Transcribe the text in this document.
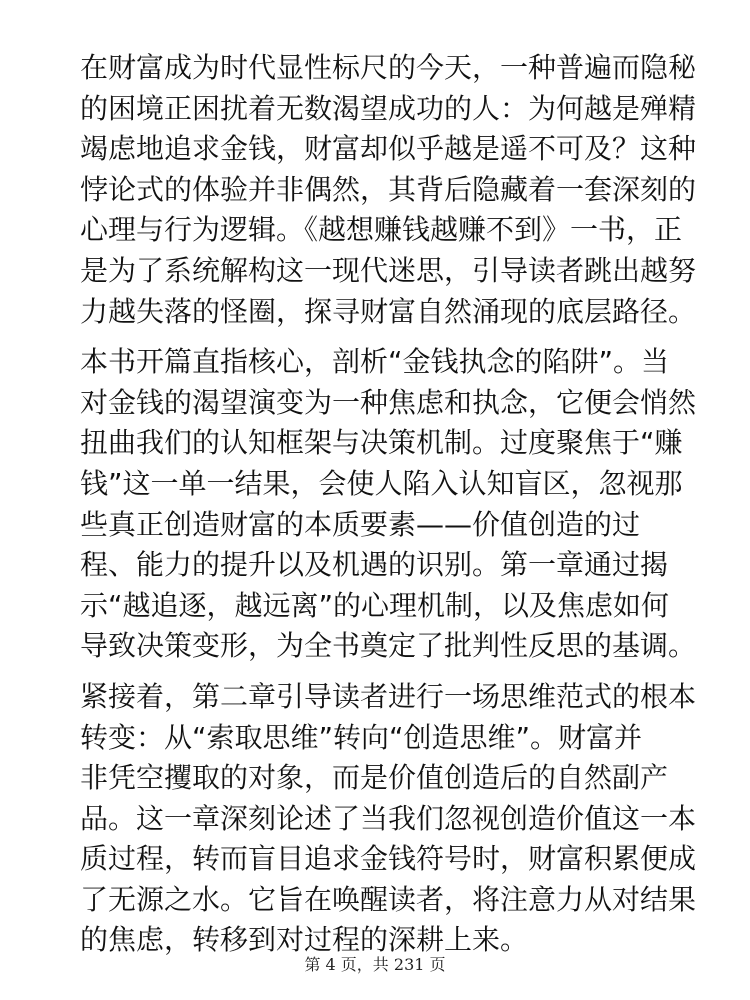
在财富成为时代显性标尺的今天，一种普遍而隐秘
的困境正困扰着无数渴望成功的人：为何越是殚精
竭虑地追求金钱，财富却似乎越是遥不可及？这种
悖论式的体验并非偶然，其背后隐藏着一套深刻的
心理与行为逻辑。《越想赚钱越赚不到》一书，正
是为了系统解构这一现代迷思，引导读者跳出越努
力越失落的怪圈，探寻财富自然涌现的底层路径。

本书开篇直指核心，剖析“金钱执念的陷阱”。当
对金钱的渴望演变为一种焦虑和执念，它便会悄然
扭曲我们的认知框架与决策机制。过度聚焦于“赚
钱”这一单一结果，会使人陷入认知盲区，忽视那
些真正创造财富的本质要素——价值创造的过
程、能力的提升以及机遇的识别。第一章通过揭
示“越追逐，越远离”的心理机制，以及焦虑如何
导致决策变形，为全书奠定了批判性反思的基调。

紧接着，第二章引导读者进行一场思维范式的根本
转变：从“索取思维”转向“创造思维”。财富并
非凭空攫取的对象，而是价值创造后的自然副产
品。这一章深刻论述了当我们忽视创造价值这一本
质过程，转而盲目追求金钱符号时，财富积累便成
了无源之水。它旨在唤醒读者，将注意力从对结果
的焦虑，转移到对过程的深耕上来。

第 4 页，共 231 页
